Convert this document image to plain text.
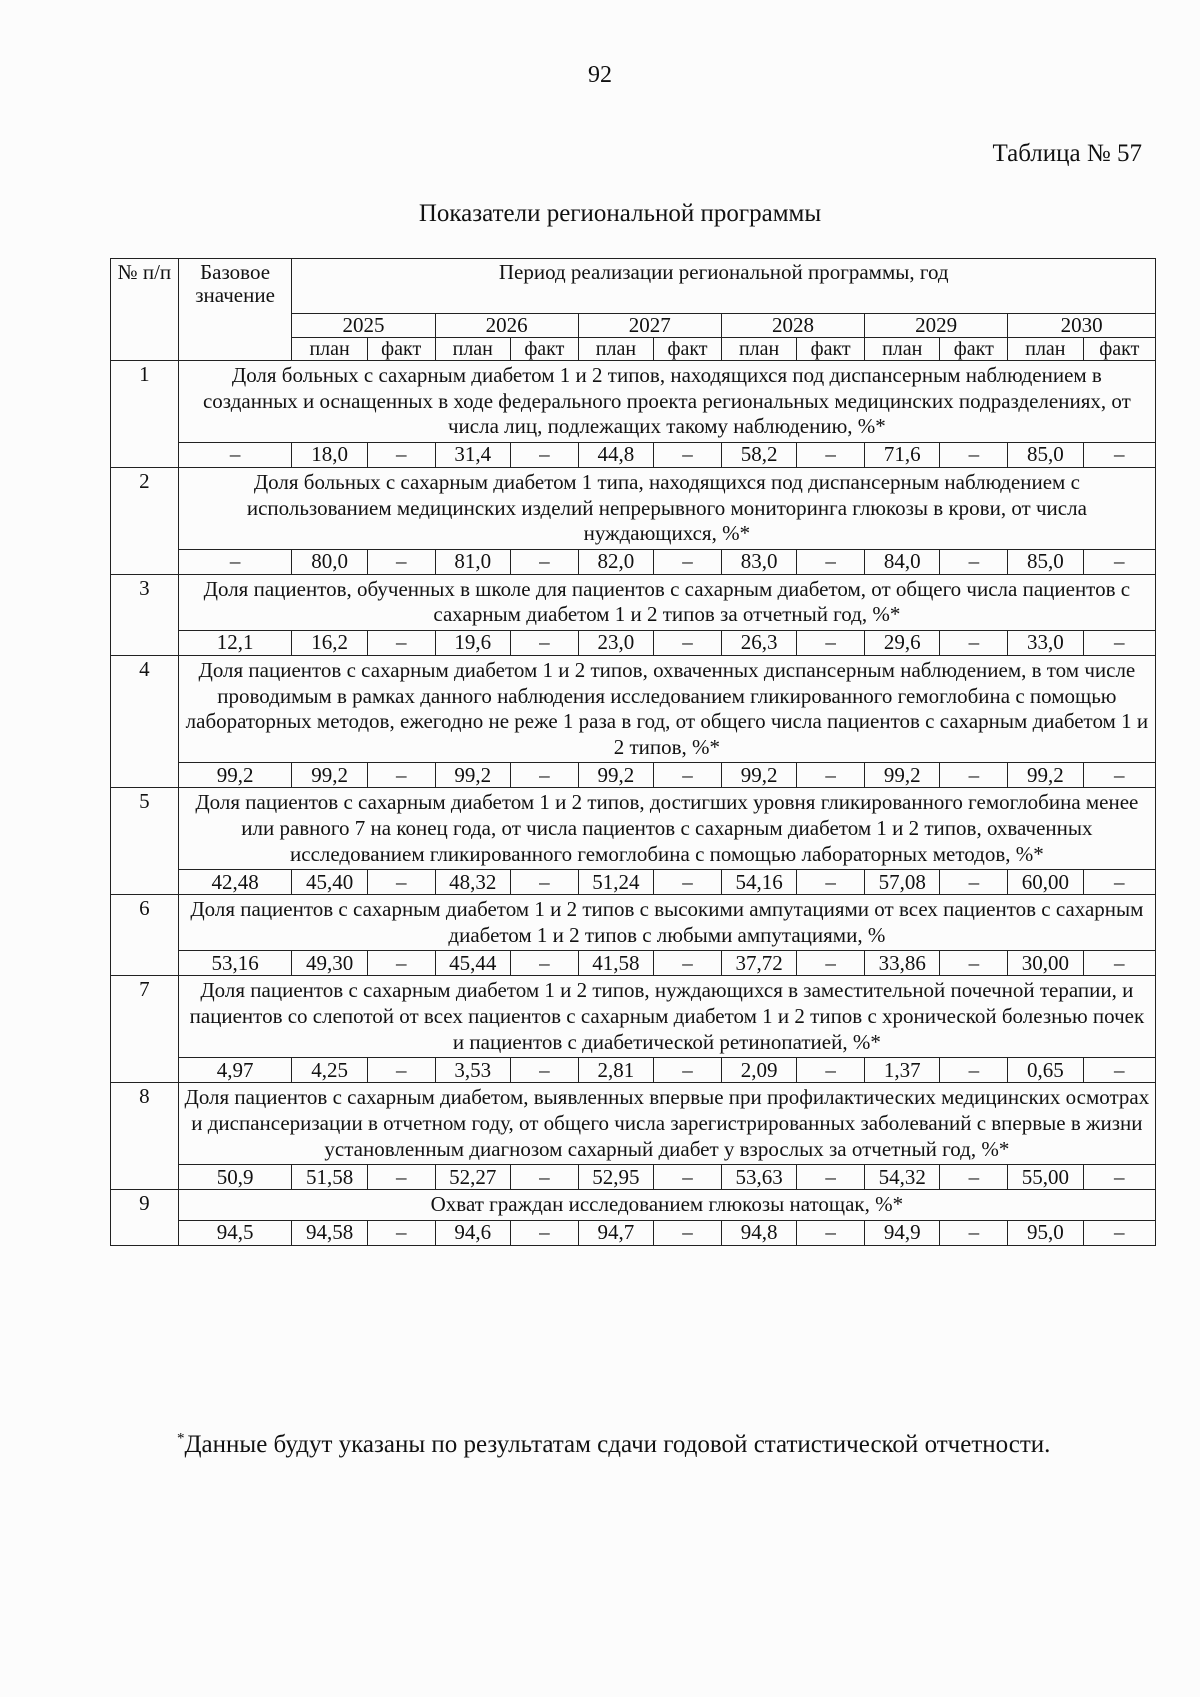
92
Таблица № 57
Показатели региональной программы
№ п/п	Базовое значение	Период реализации региональной программы, год											
		2025		2026		2027		2028		2029		2030	
		план	факт	план	факт	план	факт	план	факт	план	факт	план	факт
1	Доля больных с сахарным диабетом 1 и 2 типов, находящихся под диспансерным наблюдением в созданных и оснащенных в ходе федерального проекта региональных медицинских подразделениях, от числа лиц, подлежащих такому наблюдению, %*												
	–	18,0	–	31,4	–	44,8	–	58,2	–	71,6	–	85,0	–
2	Доля больных с сахарным диабетом 1 типа, находящихся под диспансерным наблюдением с использованием медицинских изделий непрерывного мониторинга глюкозы в крови, от числа нуждающихся, %*												
	–	80,0	–	81,0	–	82,0	–	83,0	–	84,0	–	85,0	–
3	Доля пациентов, обученных в школе для пациентов с сахарным диабетом, от общего числа пациентов с сахарным диабетом 1 и 2 типов за отчетный год, %*												
	12,1	16,2	–	19,6	–	23,0	–	26,3	–	29,6	–	33,0	–
4	Доля пациентов с сахарным диабетом 1 и 2 типов, охваченных диспансерным наблюдением, в том числе проводимым в рамках данного наблюдения исследованием гликированного гемоглобина с помощью лабораторных методов, ежегодно не реже 1 раза в год, от общего числа пациентов с сахарным диабетом 1 и 2 типов, %*												
	99,2	99,2	–	99,2	–	99,2	–	99,2	–	99,2	–	99,2	–
5	Доля пациентов с сахарным диабетом 1 и 2 типов, достигших уровня гликированного гемоглобина менее или равного 7 на конец года, от числа пациентов с сахарным диабетом 1 и 2 типов, охваченных исследованием гликированного гемоглобина с помощью лабораторных методов, %*												
	42,48	45,40	–	48,32	–	51,24	–	54,16	–	57,08	–	60,00	–
6	Доля пациентов с сахарным диабетом 1 и 2 типов с высокими ампутациями от всех пациентов с сахарным диабетом 1 и 2 типов с любыми ампутациями, %												
	53,16	49,30	–	45,44	–	41,58	–	37,72	–	33,86	–	30,00	–
7	Доля пациентов с сахарным диабетом 1 и 2 типов, нуждающихся в заместительной почечной терапии, и пациентов со слепотой от всех пациентов с сахарным диабетом 1 и 2 типов с хронической болезнью почек и пациентов с диабетической ретинопатией, %*												
	4,97	4,25	–	3,53	–	2,81	–	2,09	–	1,37	–	0,65	–
8	Доля пациентов с сахарным диабетом, выявленных впервые при профилактических медицинских осмотрах и диспансеризации в отчетном году, от общего числа зарегистрированных заболеваний с впервые в жизни установленным диагнозом сахарный диабет у взрослых за отчетный год, %*												
	50,9	51,58	–	52,27	–	52,95	–	53,63	–	54,32	–	55,00	–
9	Охват граждан исследованием глюкозы натощак, %*												
	94,5	94,58	–	94,6	–	94,7	–	94,8	–	94,9	–	95,0	–
*Данные будут указаны по результатам сдачи годовой статистической отчетности.
